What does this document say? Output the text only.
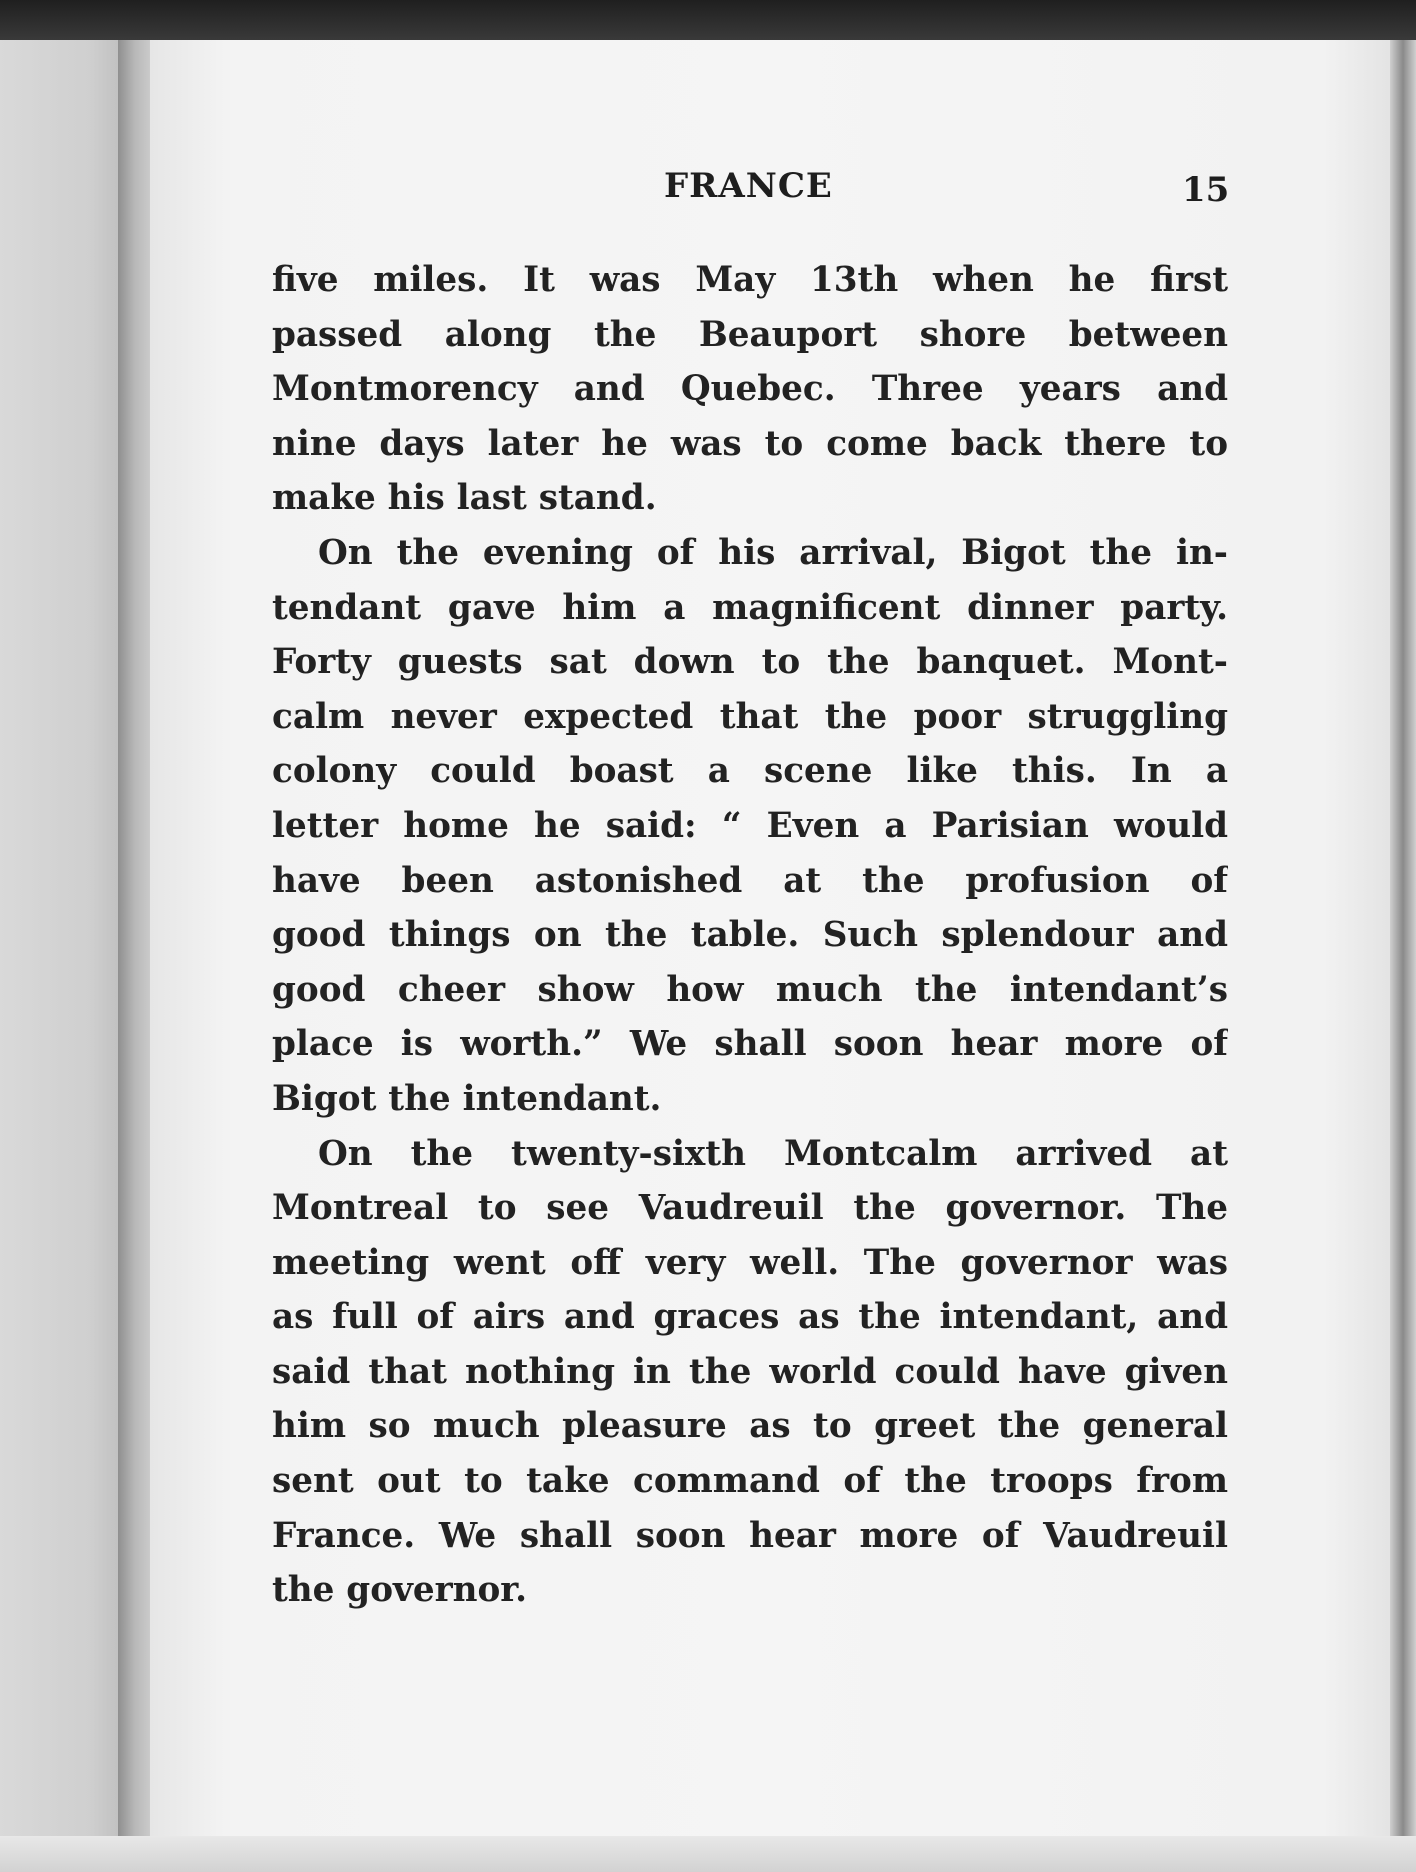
FRANCE	15
five miles. It was May 13th when he first
passed along the Beauport shore between
Montmorency and Quebec. Three years and
nine days later he was to come back there to
make his last stand.
On the evening of his arrival, Bigot the in-
tendant gave him a magnificent dinner party.
Forty guests sat down to the banquet. Mont-
calm never expected that the poor struggling
colony could boast a scene like this. In a
letter home he said: “ Even a Parisian would
have been astonished at the profusion of
good things on the table. Such splendour and
good cheer show how much the intendant’s
place is worth.” We shall soon hear more of
Bigot the intendant.
On the twenty-sixth Montcalm arrived at
Montreal to see Vaudreuil the governor. The
meeting went off very well. The governor was
as full of airs and graces as the intendant, and
said that nothing in the world could have given
him so much pleasure as to greet the general
sent out to take command of the troops from
France. We shall soon hear more of Vaudreuil
the governor.
